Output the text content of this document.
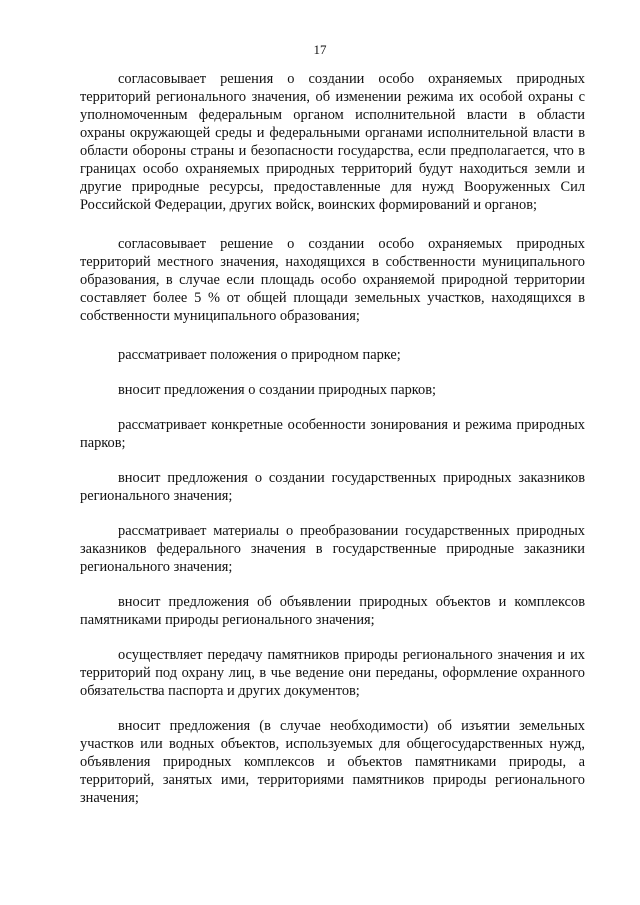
17

согласовывает решения о создании особо охраняемых природных территорий регионального значения, об изменении режима их особой охраны с уполномоченным федеральным органом исполнительной власти в области охраны окружающей среды и федеральными органами исполнительной власти в области обороны страны и безопасности государства, если предполагается, что в границах особо охраняемых природных территорий будут находиться земли и другие природные ресурсы, предоставленные для нужд Вооруженных Сил Российской Федерации, других войск, воинских формирований и органов;

согласовывает решение о создании особо охраняемых природных территорий местного значения, находящихся в собственности муниципального образования, в случае если площадь особо охраняемой природной территории составляет более 5 % от общей площади земельных участков, находящихся в собственности муниципального образования;

рассматривает положения о природном парке;

вносит предложения о создании природных парков;

рассматривает конкретные особенности зонирования и режима природных парков;

вносит предложения о создании государственных природных заказников регионального значения;

рассматривает материалы о преобразовании государственных природных заказников федерального значения в государственные природные заказники регионального значения;

вносит предложения об объявлении природных объектов и комплексов памятниками природы регионального значения;

осуществляет передачу памятников природы регионального значения и их территорий под охрану лиц, в чье ведение они переданы, оформление охранного обязательства паспорта и других документов;

вносит предложения (в случае необходимости) об изъятии земельных участков или водных объектов, используемых для общегосударственных нужд, объявления природных комплексов и объектов памятниками природы, а территорий, занятых ими, территориями памятников природы регионального значения;
